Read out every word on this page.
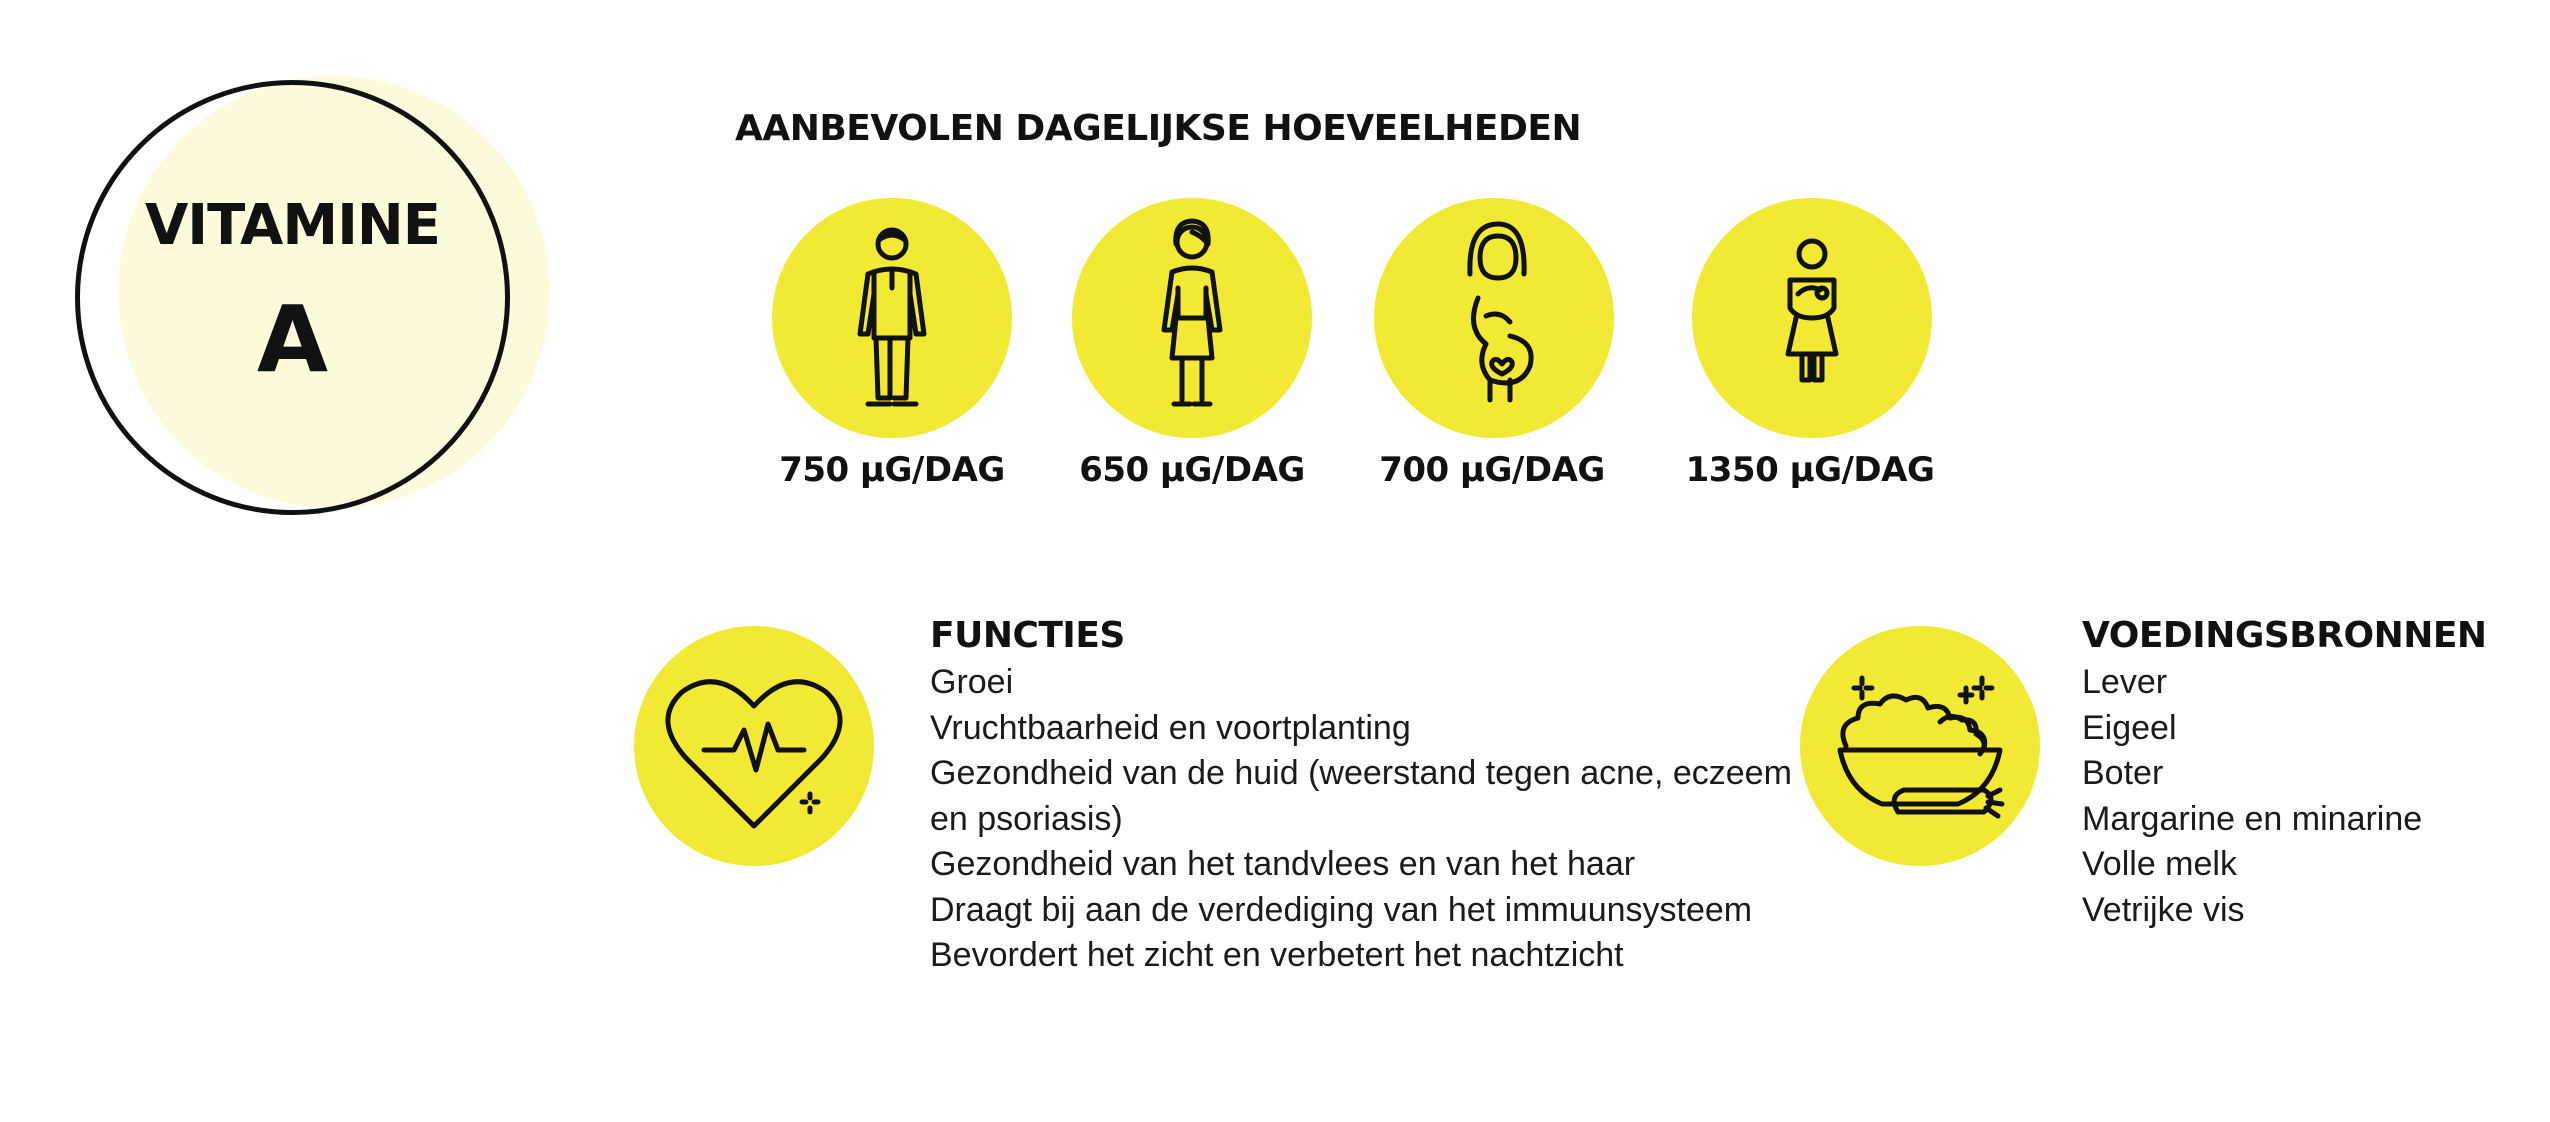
VITAMINE
A
AANBEVOLEN DAGELIJKSE HOEVEELHEDEN
750 µG/DAG	650 µG/DAG	700 µG/DAG	1350 µG/DAG
FUNCTIES
Groei
Vruchtbaarheid en voortplanting
Gezondheid van de huid (weerstand tegen acne, eczeem
en psoriasis)
Gezondheid van het tandvlees en van het haar
Draagt bij aan de verdediging van het immuunsysteem
Bevordert het zicht en verbetert het nachtzicht
VOEDINGSBRONNEN
Lever
Eigeel
Boter
Margarine en minarine
Volle melk
Vetrijke vis
